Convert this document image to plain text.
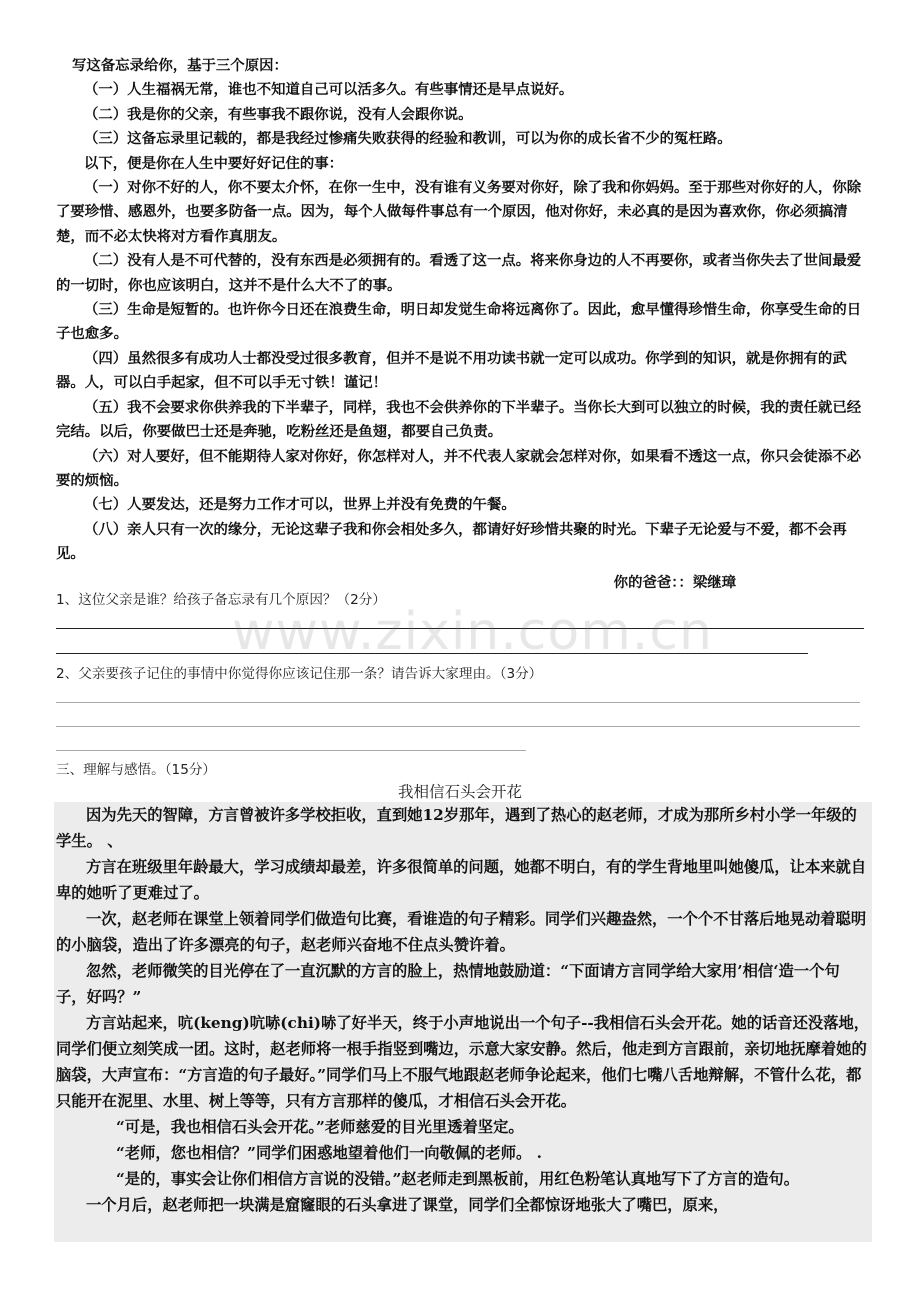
写这备忘录给你，基于三个原因：

（一）人生福祸无常，谁也不知道自己可以活多久。有些事情还是早点说好。

（二）我是你的父亲，有些事我不跟你说，没有人会跟你说。

（三）这备忘录里记载的，都是我经过惨痛失败获得的经验和教训，可以为你的成长省不少的冤枉路。

以下，便是你在人生中要好好记住的事：

（一）对你不好的人，你不要太介怀，在你一生中，没有谁有义务要对你好，除了我和你妈妈。至于那些对你好的人，你除了要珍惜、感恩外，也要多防备一点。因为，每个人做每件事总有一个原因，他对你好，未必真的是因为喜欢你，你必须搞清楚，而不必太快将对方看作真朋友。

（二）没有人是不可代替的，没有东西是必须拥有的。看透了这一点。将来你身边的人不再要你，或者当你失去了世间最爱的一切时，你也应该明白，这并不是什么大不了的事。

（三）生命是短暂的。也许你今日还在浪费生命，明日却发觉生命将远离你了。因此，愈早懂得珍惜生命，你享受生命的日子也愈多。

（四）虽然很多有成功人士都没受过很多教育，但并不是说不用功读书就一定可以成功。你学到的知识，就是你拥有的武器。人，可以白手起家，但不可以手无寸铁！谨记！

（五）我不会要求你供养我的下半辈子，同样，我也不会供养你的下半辈子。当你长大到可以独立的时候，我的责任就已经完结。以后，你要做巴士还是奔驰，吃粉丝还是鱼翅，都要自己负责。

（六）对人要好，但不能期待人家对你好，你怎样对人，并不代表人家就会怎样对你，如果看不透这一点，你只会徒添不必要的烦恼。

（七）人要发达，还是努力工作才可以，世界上并没有免费的午餐。

（八）亲人只有一次的缘分，无论这辈子我和你会相处多久，都请好好珍惜共聚的时光。下辈子无论爱与不爱，都不会再见。

你的爸爸：：梁继璋

1、这位父亲是谁？给孩子备忘录有几个原因？（2分）
www.zixin.com.cn
2、父亲要孩子记住的事情中你觉得你应该记住那一条？请告诉大家理由。（3分）
三、理解与感悟。（15分）
我相信石头会开花

因为先天的智障，方言曾被许多学校拒收，直到她12岁那年，遇到了热心的赵老师，才成为那所乡村小学一年级的学生。 、

方言在班级里年龄最大，学习成绩却最差，许多很简单的问题，她都不明白，有的学生背地里叫她傻瓜，让本来就自卑的她听了更难过了。

一次，赵老师在课堂上领着同学们做造句比赛，看谁造的句子精彩。同学们兴趣盎然，一个个不甘落后地晃动着聪明的小脑袋，造出了许多漂亮的句子，赵老师兴奋地不住点头赞许着。

忽然，老师微笑的目光停在了一直沉默的方言的脸上，热情地鼓励道：“下面请方言同学给大家用’相信‘造一个句子，好吗？”

方言站起来，吭(keng)吭哧(chi)哧了好半天，终于小声地说出一个句子--我相信石头会开花。她的话音还没落地，同学们便立刻笑成一团。这时，赵老师将一根手指竖到嘴边，示意大家安静。然后，他走到方言跟前，亲切地抚摩着她的脑袋，大声宣布：“方言造的句子最好。”同学们马上不服气地跟赵老师争论起来，他们七嘴八舌地辩解，不管什么花，都只能开在泥里、水里、树上等等，只有方言那样的傻瓜，才相信石头会开花。

“可是，我也相信石头会开花。”老师慈爱的目光里透着坚定。

“老师，您也相信？”同学们困惑地望着他们一向敬佩的老师。 .

“是的，事实会让你们相信方言说的没错。”赵老师走到黑板前，用红色粉笔认真地写下了方言的造句。

一个月后，赵老师把一块满是窟窿眼的石头拿进了课堂，同学们全都惊讶地张大了嘴巴，原来，
